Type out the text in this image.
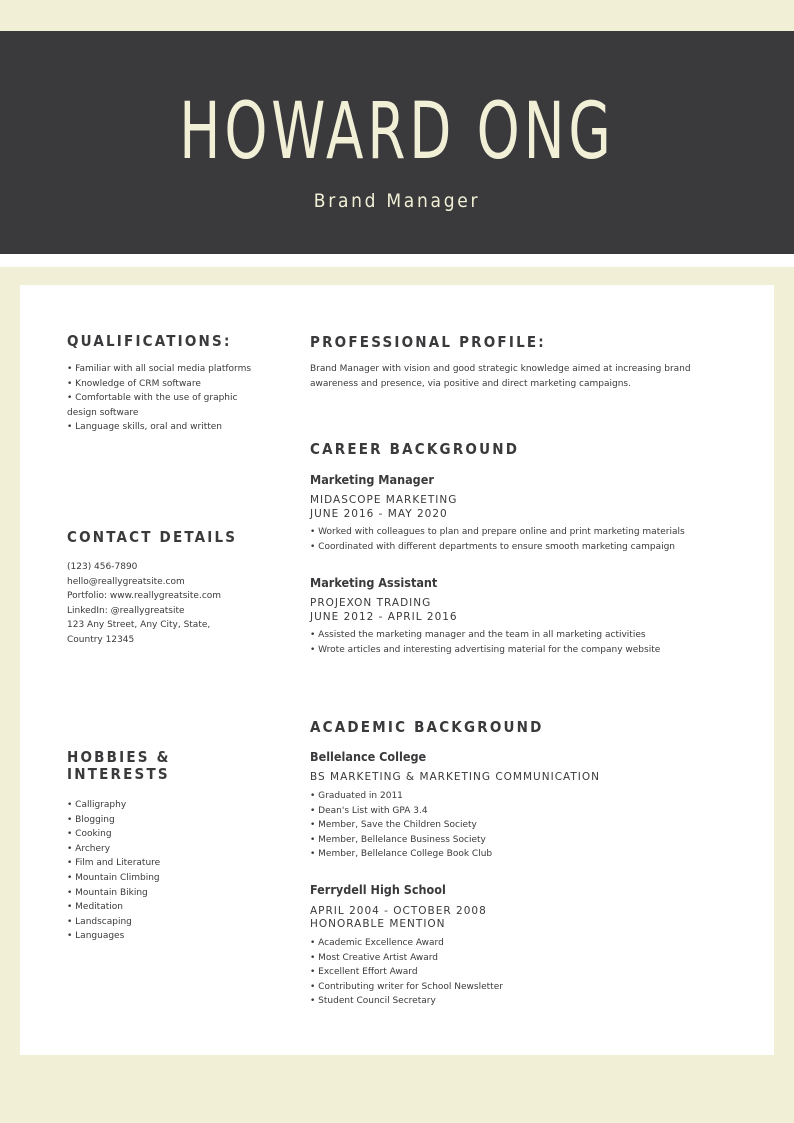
HOWARD ONG
Brand Manager
QUALIFICATIONS:
• Familiar with all social media platforms
• Knowledge of CRM software
• Comfortable with the use of graphic design software
• Language skills, oral and written
CONTACT DETAILS
(123) 456-7890
hello@reallygreatsite.com
Portfolio: www.reallygreatsite.com
LinkedIn: @reallygreatsite
123 Any Street, Any City, State,
Country 12345
HOBBIES &
INTERESTS
• Calligraphy
• Blogging
• Cooking
• Archery
• Film and Literature
• Mountain Climbing
• Mountain Biking
• Meditation
• Landscaping
• Languages
PROFESSIONAL PROFILE:

Brand Manager with vision and good strategic knowledge aimed at increasing brand awareness and presence, via positive and direct marketing campaigns.

CAREER BACKGROUND
Marketing Manager
MIDASCOPE MARKETING
JUNE 2016 - MAY 2020
• Worked with colleagues to plan and prepare online and print marketing materials
• Coordinated with different departments to ensure smooth marketing campaign
Marketing Assistant
PROJEXON TRADING
JUNE 2012 - APRIL 2016
• Assisted the marketing manager and the team in all marketing activities
• Wrote articles and interesting advertising material for the company website
ACADEMIC BACKGROUND
Bellelance College
BS MARKETING & MARKETING COMMUNICATION
• Graduated in 2011
• Dean's List with GPA 3.4
• Member, Save the Children Society
• Member, Bellelance Business Society
• Member, Bellelance College Book Club
Ferrydell High School
APRIL 2004 - OCTOBER 2008
HONORABLE MENTION
• Academic Excellence Award
• Most Creative Artist Award
• Excellent Effort Award
• Contributing writer for School Newsletter
• Student Council Secretary
